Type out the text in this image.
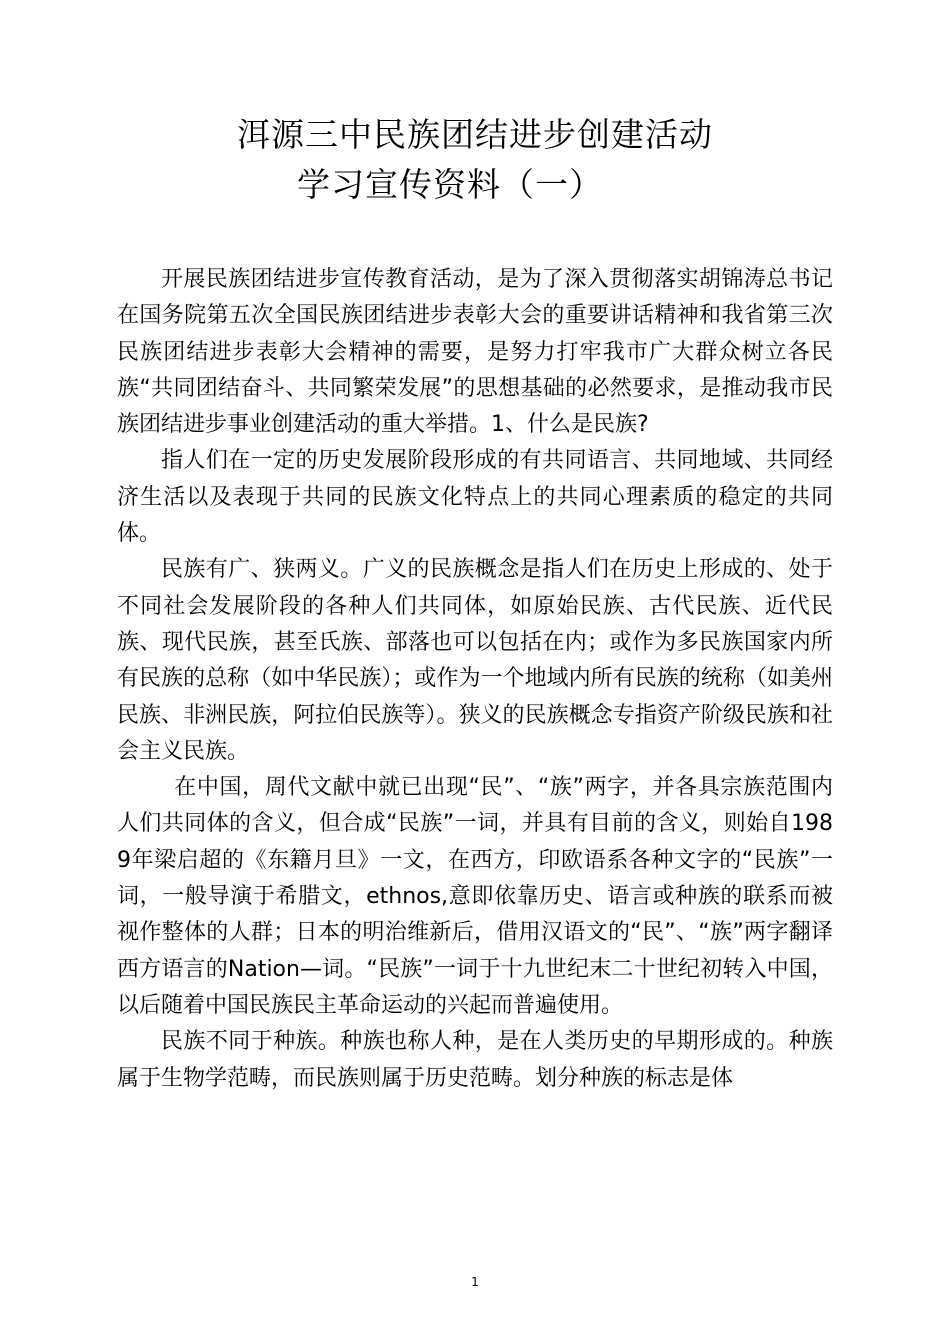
洱源三中民族团结进步创建活动
学习宣传资料（一）

开展民族团结进步宣传教育活动，是为了深入贯彻落实胡锦涛总书记在国务院第五次全国民族团结进步表彰大会的重要讲话精神和我省第三次民族团结进步表彰大会精神的需要，是努力打牢我市广大群众树立各民族“共同团结奋斗、共同繁荣发展”的思想基础的必然要求，是推动我市民族团结进步事业创建活动的重大举措。1、什么是民族?

指人们在一定的历史发展阶段形成的有共同语言、共同地域、共同经济生活以及表现于共同的民族文化特点上的共同心理素质的稳定的共同体。

民族有广、狭两义。广义的民族概念是指人们在历史上形成的、处于不同社会发展阶段的各种人们共同体，如原始民族、古代民族、近代民族、现代民族，甚至氏族、部落也可以包括在内；或作为多民族国家内所有民族的总称（如中华民族）；或作为一个地域内所有民族的统称（如美州民族、非洲民族，阿拉伯民族等）。狭义的民族概念专指资产阶级民族和社会主义民族。

在中国，周代文献中就已出现“民”、“族”两字，并各具宗族范围内人们共同体的含义，但合成“民族”一词，并具有目前的含义，则始自1989年梁启超的《东籍月旦》一文，在西方，印欧语系各种文字的“民族”一词，一般导演于希腊文，ethnos,意即依靠历史、语言或种族的联系而被视作整体的人群；日本的明治维新后，借用汉语文的“民”、“族”两字翻译西方语言的Nation—词。“民族”一词于十九世纪末二十世纪初转入中国，以后随着中国民族民主革命运动的兴起而普遍使用。

民族不同于种族。种族也称人种，是在人类历史的早期形成的。种族属于生物学范畴，而民族则属于历史范畴。划分种族的标志是体

1
